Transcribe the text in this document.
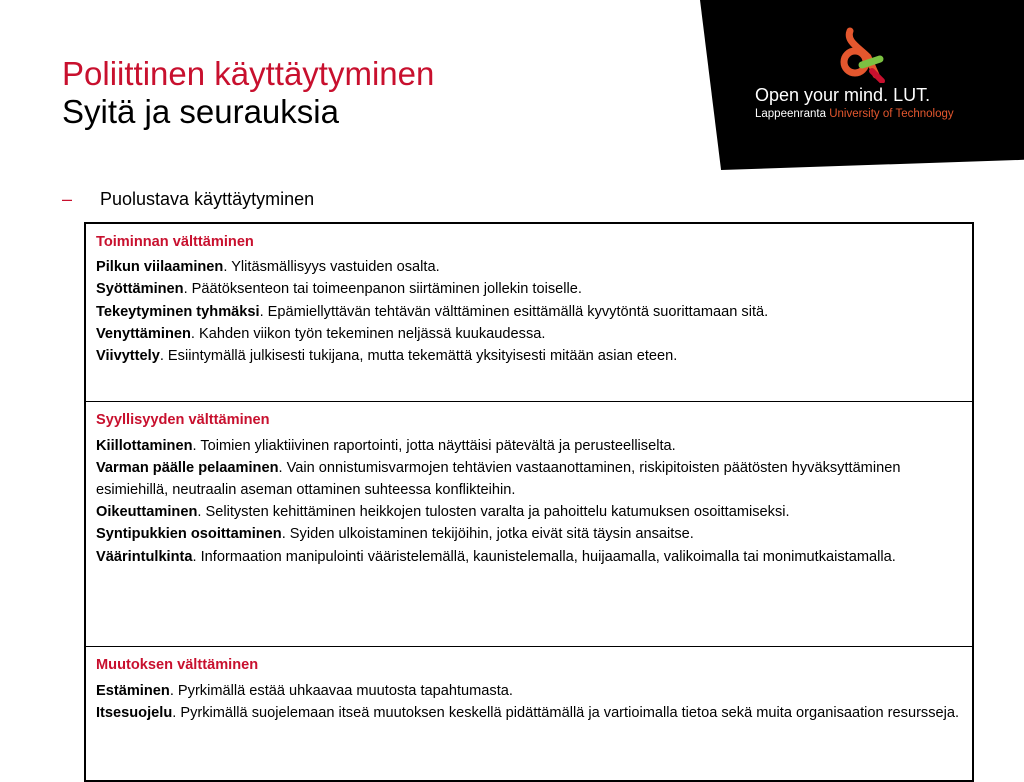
Open your mind. LUT.
Lappeenranta University of Technology
Poliittinen käyttäytyminen
Syitä ja seurauksia
–	Puolustava käyttäytyminen
Toiminnan välttäminen
Pilkun viilaaminen. Ylitäsmällisyys vastuiden osalta.
Syöttäminen. Päätöksenteon tai toimeenpanon siirtäminen jollekin toiselle.
Tekeytyminen tyhmäksi. Epämiellyttävän tehtävän välttäminen esittämällä kyvytöntä suorittamaan sitä.
Venyttäminen. Kahden viikon työn tekeminen neljässä kuukaudessa.
Viivyttely. Esiintymällä julkisesti tukijana, mutta tekemättä yksityisesti mitään asian eteen.

Syyllisyyden välttäminen
Kiillottaminen. Toimien yliaktiivinen raportointi, jotta näyttäisi pätevältä ja perusteelliselta.
Varman päälle pelaaminen. Vain onnistumisvarmojen tehtävien vastaanottaminen, riskipitoisten päätösten hyväksyttäminen esimiehillä, neutraalin aseman ottaminen suhteessa konflikteihin.
Oikeuttaminen. Selitysten kehittäminen heikkojen tulosten varalta ja pahoittelu katumuksen osoittamiseksi.
Syntipukkien osoittaminen. Syiden ulkoistaminen tekijöihin, jotka eivät sitä täysin ansaitse.
Väärintulkinta. Informaation manipulointi vääristelemällä, kaunistelemalla, huijaamalla, valikoimalla tai monimutkaistamalla.

Muutoksen välttäminen
Estäminen. Pyrkimällä estää uhkaavaa muutosta tapahtumasta.
Itsesuojelu. Pyrkimällä suojelemaan itseä muutoksen keskellä pidättämällä ja vartioimalla tietoa sekä muita organisaation resursseja.
